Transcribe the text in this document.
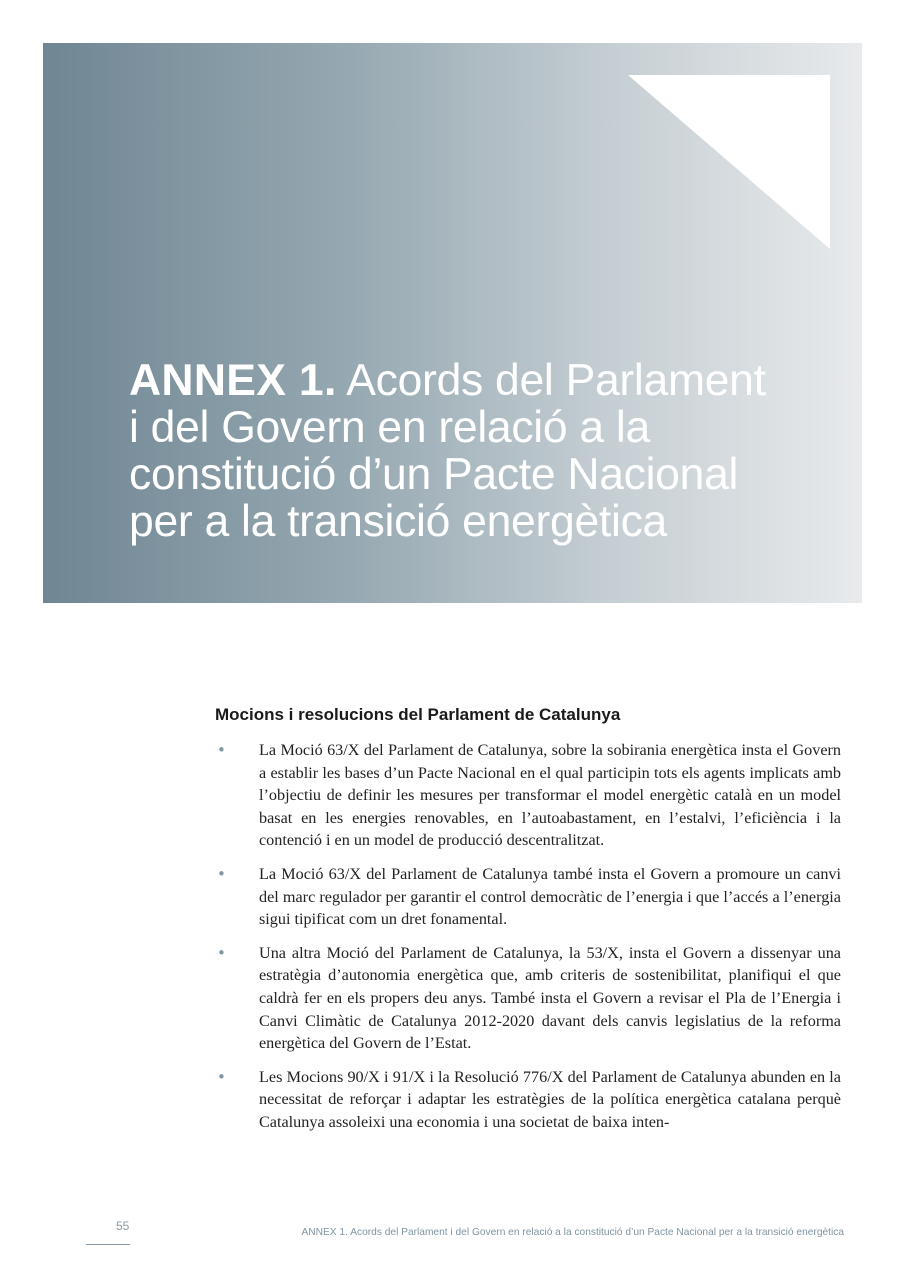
ANNEX 1. Acords del Parlament
i del Govern en relació a la
constitució d’un Pacte Nacional
per a la transició energètica
Mocions i resolucions del Parlament de Catalunya
• La Moció 63/X del Parlament de Catalunya, sobre la sobirania energètica insta el Govern a establir les bases d’un Pacte Nacional en el qual participin tots els agents implicats amb l’objectiu de definir les mesures per transformar el model energètic català en un model basat en les energies renovables, en l’autoabastament, en l’estalvi, l’eficiència i la contenció i en un model de producció descentralitzat.
• La Moció 63/X del Parlament de Catalunya també insta el Govern a promoure un canvi del marc regulador per garantir el control democràtic de l’energia i que l’accés a l’energia sigui tipificat com un dret fonamental.
• Una altra Moció del Parlament de Catalunya, la 53/X, insta el Govern a dissenyar una estratègia d’autonomia energètica que, amb criteris de sostenibilitat, planifiqui el que caldrà fer en els propers deu anys. També insta el Govern a revisar el Pla de l’Energia i Canvi Climàtic de Catalunya 2012-2020 davant dels canvis legislatius de la reforma energètica del Govern de l’Estat.
• Les Mocions 90/X i 91/X i la Resolució 776/X del Parlament de Catalunya abunden en la necessitat de reforçar i adaptar les estratègies de la política energètica catalana perquè Catalunya assoleixi una economia i una societat de baixa inten-
55	ANNEX 1. Acords del Parlament i del Govern en relació a la constitució d’un Pacte Nacional per a la transició energètica
